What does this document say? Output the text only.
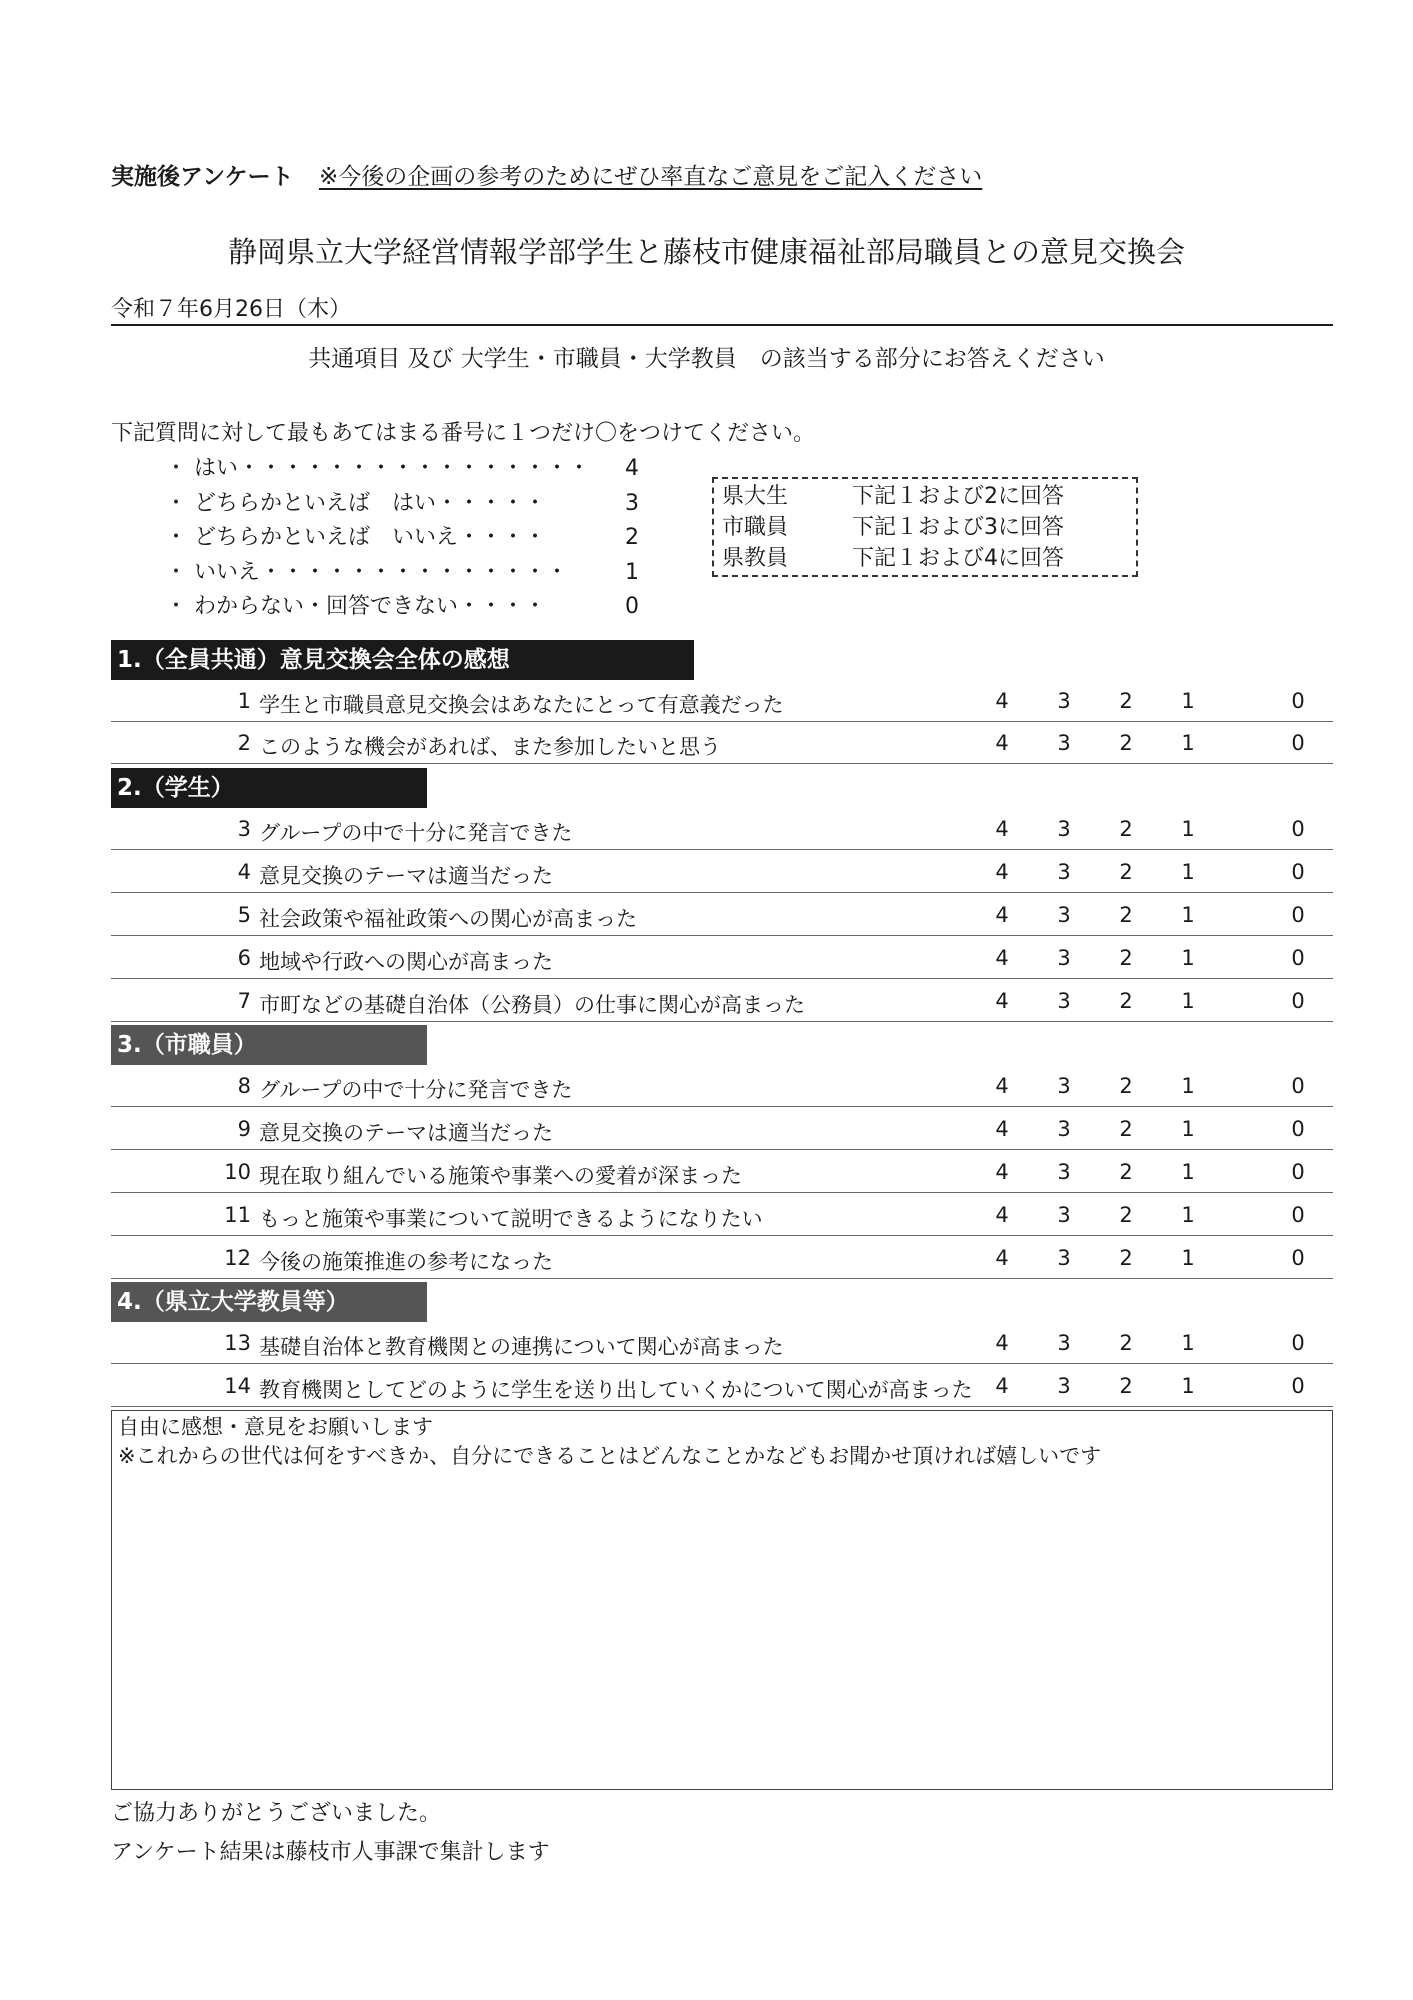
実施後アンケート ※今後の企画の参考のためにぜひ率直なご意見をご記入ください
静岡県立大学経営情報学部学生と藤枝市健康福祉部局職員との意見交換会
令和７年6月26日（木）
共通項目 及び 大学生・市職員・大学教員　の該当する部分にお答えください
下記質問に対して最もあてはまる番号に１つだけ〇をつけてください。
・ はい・・・・・・・・・・・・・・・・	4
・ どちらかといえば　はい・・・・・	3
・ どちらかといえば　いいえ・・・・	2
・ いいえ・・・・・・・・・・・・・・	1
・ わからない・回答できない・・・・	0
県大生	下記１および2に回答
市職員	下記１および3に回答
県教員	下記１および4に回答
1.（全員共通）意見交換会全体の感想
1 学生と市職員意見交換会はあなたにとって有意義だった	4 3 2 1	0
2 このような機会があれば、また参加したいと思う	4 3 2 1	0
2.（学生）
3 グループの中で十分に発言できた	4 3 2 1	0
4 意見交換のテーマは適当だった	4 3 2 1	0
5 社会政策や福祉政策への関心が高まった	4 3 2 1	0
6 地域や行政への関心が高まった	4 3 2 1	0
7 市町などの基礎自治体（公務員）の仕事に関心が高まった	4 3 2 1	0
3.（市職員）
8 グループの中で十分に発言できた	4 3 2 1	0
9 意見交換のテーマは適当だった	4 3 2 1	0
10 現在取り組んでいる施策や事業への愛着が深まった	4 3 2 1	0
11 もっと施策や事業について説明できるようになりたい	4 3 2 1	0
12 今後の施策推進の参考になった	4 3 2 1	0
4.（県立大学教員等）
13 基礎自治体と教育機関との連携について関心が高まった	4 3 2 1	0
14 教育機関としてどのように学生を送り出していくかについて関心が高まった 4 3 2 1	0
自由に感想・意見をお願いします
※これからの世代は何をすべきか、自分にできることはどんなことかなどもお聞かせ頂ければ嬉しいです
ご協力ありがとうございました。
アンケート結果は藤枝市人事課で集計します
